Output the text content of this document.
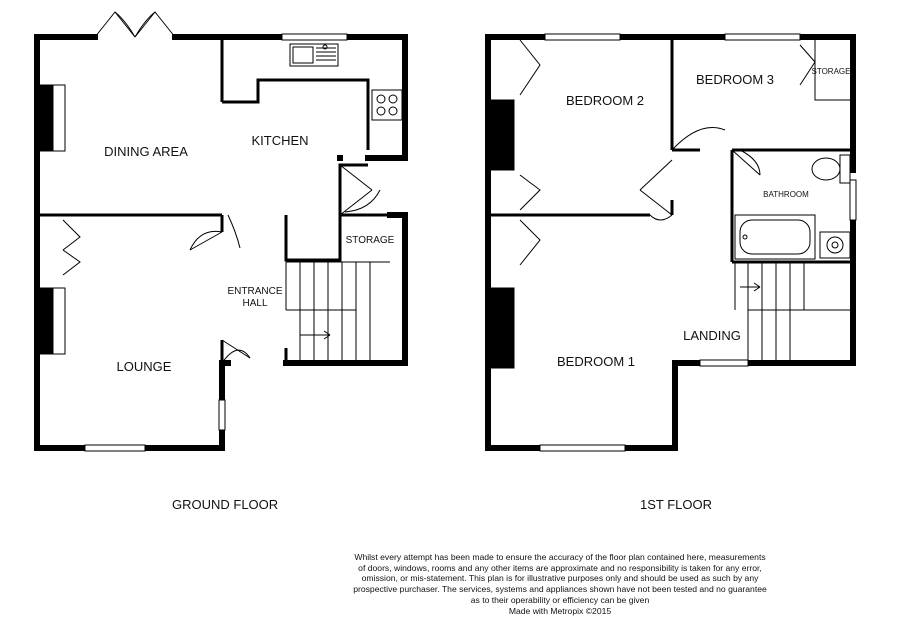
DINING AREA
KITCHEN
STORAGE
ENTRANCE
HALL
LOUNGE
BEDROOM 2
BEDROOM 3
STORAGE
BATHROOM
LANDING
BEDROOM 1
GROUND FLOOR	1ST FLOOR
Whilst every attempt has been made to ensure the accuracy of the floor plan contained here, measurements
of doors, windows, rooms and any other items are approximate and no responsibility is taken for any error,
omission, or mis-statement. This plan is for illustrative purposes only and should be used as such by any
prospective purchaser. The services, systems and appliances shown have not been tested and no guarantee
as to their operability or efficiency can be given
Made with Metropix ©2015
